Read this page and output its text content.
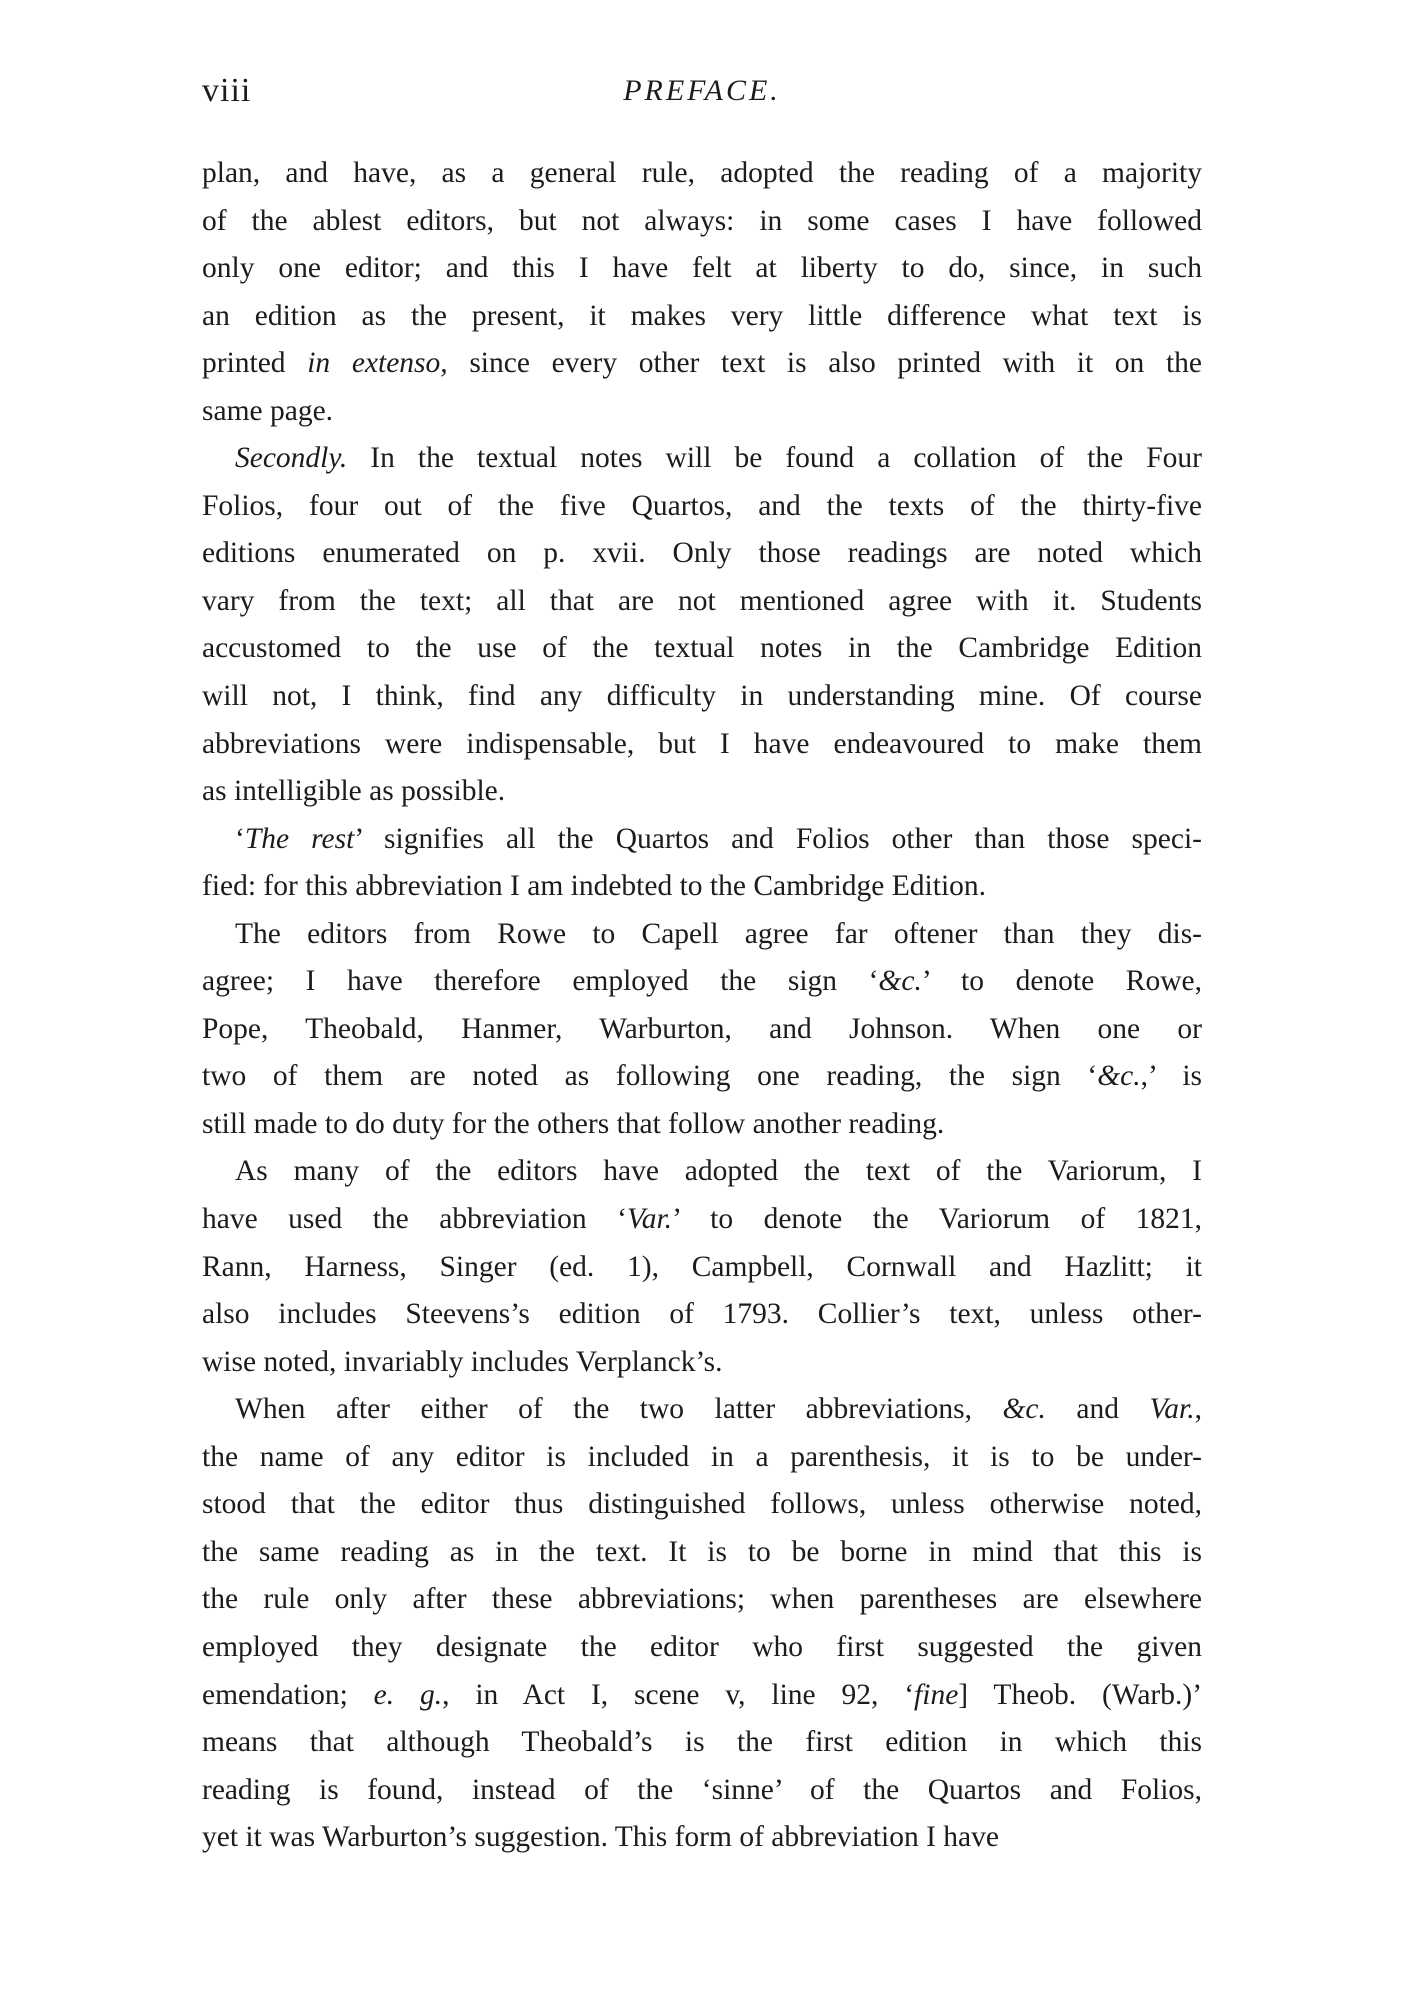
viii	PREFACE.
plan, and have, as a general rule, adopted the reading of a majority
of the ablest editors, but not always: in some cases I have followed
only one editor; and this I have felt at liberty to do, since, in such
an edition as the present, it makes very little difference what text is
printed in extenso, since every other text is also printed with it on the
same page.
Secondly. In the textual notes will be found a collation of the Four
Folios, four out of the five Quartos, and the texts of the thirty-five
editions enumerated on p. xvii. Only those readings are noted which
vary from the text; all that are not mentioned agree with it. Students
accustomed to the use of the textual notes in the Cambridge Edition
will not, I think, find any difficulty in understanding mine. Of course
abbreviations were indispensable, but I have endeavoured to make them
as intelligible as possible.
‘The rest’ signifies all the Quartos and Folios other than those speci-
fied: for this abbreviation I am indebted to the Cambridge Edition.
The editors from Rowe to Capell agree far oftener than they dis-
agree; I have therefore employed the sign ‘&c.’ to denote Rowe,
Pope, Theobald, Hanmer, Warburton, and Johnson. When one or
two of them are noted as following one reading, the sign ‘&c.,’ is
still made to do duty for the others that follow another reading.
As many of the editors have adopted the text of the Variorum, I
have used the abbreviation ‘Var.’ to denote the Variorum of 1821,
Rann, Harness, Singer (ed. 1), Campbell, Cornwall and Hazlitt; it
also includes Steevens’s edition of 1793. Collier’s text, unless other-
wise noted, invariably includes Verplanck’s.
When after either of the two latter abbreviations, &c. and Var.,
the name of any editor is included in a parenthesis, it is to be under-
stood that the editor thus distinguished follows, unless otherwise noted,
the same reading as in the text. It is to be borne in mind that this is
the rule only after these abbreviations; when parentheses are elsewhere
employed they designate the editor who first suggested the given
emendation; e. g., in Act I, scene v, line 92, ‘fine] Theob. (Warb.)’
means that although Theobald’s is the first edition in which this
reading is found, instead of the ‘sinne’ of the Quartos and Folios,
yet it was Warburton’s suggestion. This form of abbreviation I have
